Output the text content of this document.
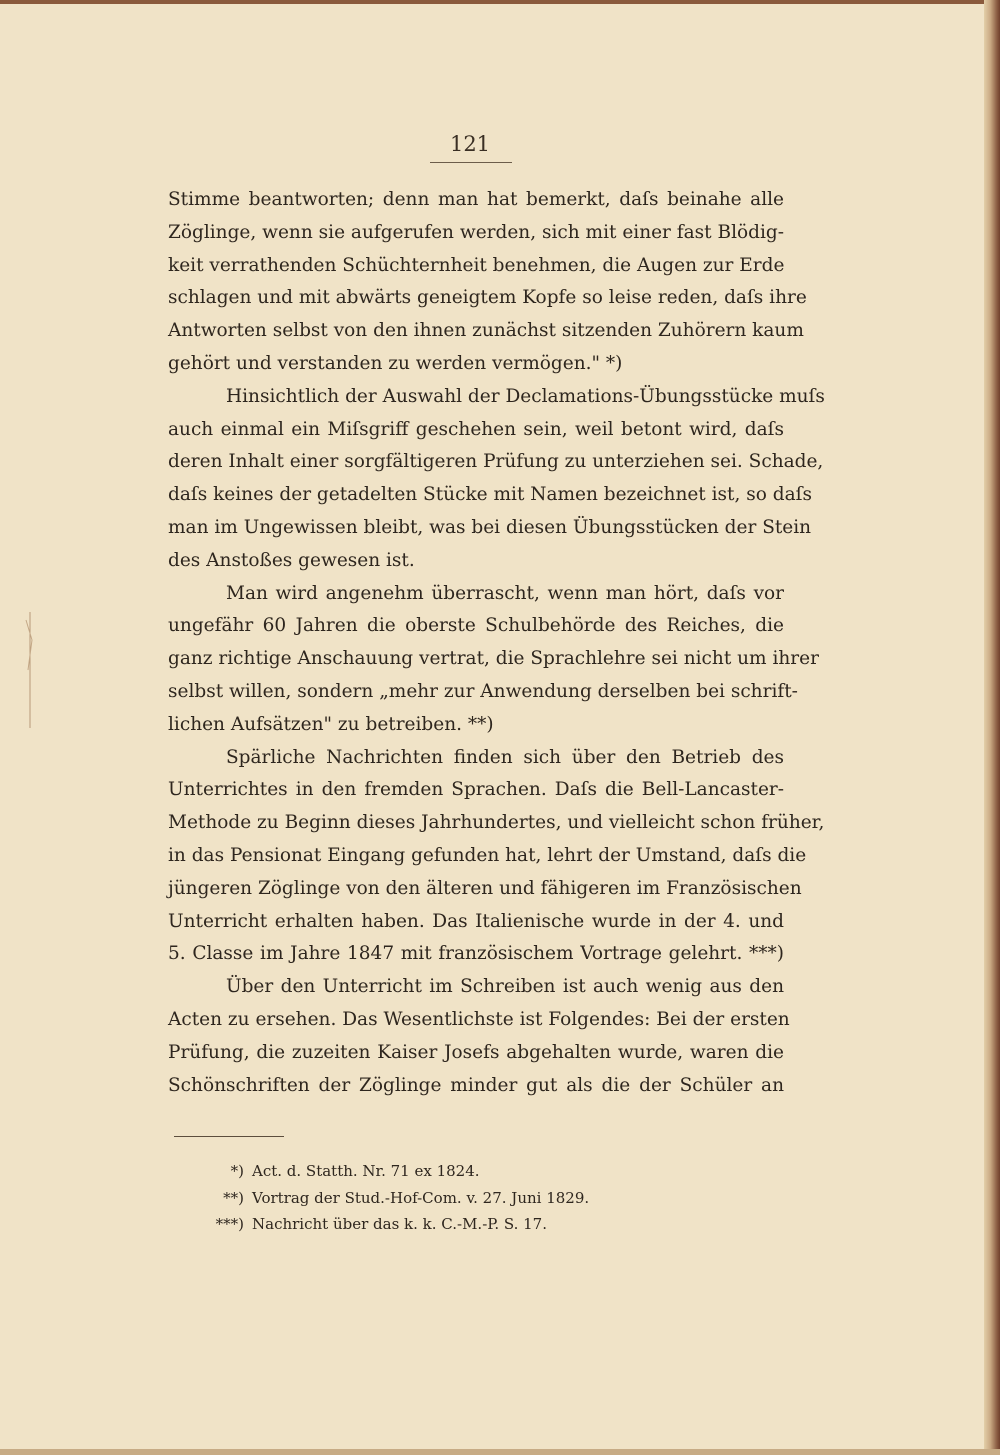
121
Stimme beantworten; denn man hat bemerkt, daſs beinahe alle
Zöglinge, wenn sie aufgerufen werden, sich mit einer fast Blödig-
keit verrathenden Schüchternheit benehmen, die Augen zur Erde
schlagen und mit abwärts geneigtem Kopfe so leise reden, daſs ihre
Antworten selbst von den ihnen zunächst sitzenden Zuhörern kaum
gehört und verstanden zu werden vermögen." *)
Hinsichtlich der Auswahl der Declamations-Übungsstücke muſs
auch einmal ein Miſsgriff geschehen sein, weil betont wird, daſs
deren Inhalt einer sorgfältigeren Prüfung zu unterziehen sei. Schade,
daſs keines der getadelten Stücke mit Namen bezeichnet ist, so daſs
man im Ungewissen bleibt, was bei diesen Übungsstücken der Stein
des Anstoßes gewesen ist.
Man wird angenehm überrascht, wenn man hört, daſs vor
ungefähr 60 Jahren die oberste Schulbehörde des Reiches, die
ganz richtige Anschauung vertrat, die Sprachlehre sei nicht um ihrer
selbst willen, sondern „mehr zur Anwendung derselben bei schrift-
lichen Aufsätzen" zu betreiben. **)
Spärliche Nachrichten finden sich über den Betrieb des
Unterrichtes in den fremden Sprachen. Daſs die Bell-Lancaster-
Methode zu Beginn dieses Jahrhundertes, und vielleicht schon früher,
in das Pensionat Eingang gefunden hat, lehrt der Umstand, daſs die
jüngeren Zöglinge von den älteren und fähigeren im Französischen
Unterricht erhalten haben. Das Italienische wurde in der 4. und
5. Classe im Jahre 1847 mit französischem Vortrage gelehrt. ***)
Über den Unterricht im Schreiben ist auch wenig aus den
Acten zu ersehen. Das Wesentlichste ist Folgendes: Bei der ersten
Prüfung, die zuzeiten Kaiser Josefs abgehalten wurde, waren die
Schönschriften der Zöglinge minder gut als die der Schüler an
*) Act. d. Statth. Nr. 71 ex 1824.
**) Vortrag der Stud.-Hof-Com. v. 27. Juni 1829.
***) Nachricht über das k. k. C.-M.-P. S. 17.
